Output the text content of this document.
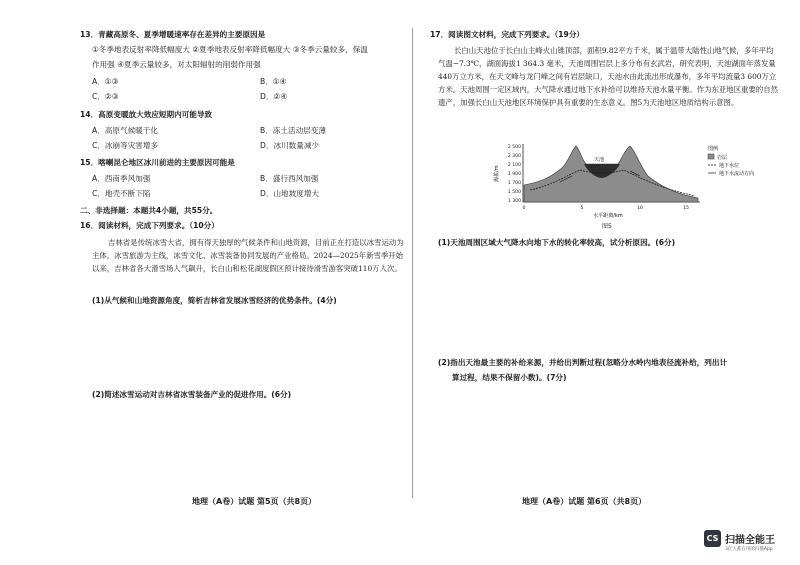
13．青藏高原冬、夏季增暖速率存在差异的主要原因是
①冬季地表反射率降低幅度大 ②夏季地表反射率降低幅度大 ③冬季云量较多，保温
作用强 ④夏季云量较多，对太阳辐射的削弱作用强
A．①③	B．①④
C．②③	D．②④
14．高原变暖放大效应短期内可能导致
A．高原气候暖干化	B．冻土活动层变薄
C．冰崩等灾害增多	D．冰川数量减少
15．喀喇昆仑地区冰川前进的主要原因可能是
A．西南季风加强	B．盛行西风加强
C．地壳不断下陷	D．山地坡度增大
二、非选择题：本题共4小题，共55分。
16．阅读材料，完成下列要求。（10分）
吉林省是传统冰雪大省，拥有得天独厚的气候条件和山地资源，目前正在打造以冰雪运动为主体，冰雪旅游为主线，冰雪文化、冰雪装备协同发展的产业格局。2024—2025年新雪季开始以来，吉林省各大滑雪场人气飙升，长白山和松花湖度假区预计接待滑雪游客突破110万人次。
(1)从气候和山地资源角度，简析吉林省发展冰雪经济的优势条件。(4分)
(2)简述冰雪运动对吉林省冰雪装备产业的促进作用。(6分)
地理（A卷）试题 第5页（共8页）
17．阅读图文材料，完成下列要求。（19分）
长白山天池位于长白山主峰火山锥顶部，面积9.82平方千米，属于温带大陆性山地气候，多年平均气温−7.3℃，湖面海拔1 364.3 毫米，天池周围岩层上多分布有玄武岩，研究表明，天池湖面年蒸发量440万立方米，在天文峰与龙门峰之间有岩层缺口，天池水由此流出形成瀑布，多年平均流量3 600万立方米。天池周围一定区域内，大气降水通过地下水补给可以维持天池水量平衡。作为东亚地区重要的自然遗产，加强长白山天池地区环境保护具有重要的生态意义。图5为天池地区地质结构示意图。
海拔/m
2 500
2 300
2 100
1 900
1 700
1 500
1 300
天池
0	5	10	15
水平距离/km
图例
岩层
地下水位
地下水流动方向
图5
(1)天池周围区域大气降水向地下水的转化率较高，试分析原因。(6分)
(2)指出天池最主要的补给来源，并给出判断过程(忽略分水岭内地表径流补给，列出计
算过程，结果不保留小数)。(7分)
地理（A卷）试题 第6页（共8页）
CS 扫描全能王
3亿人都在用的扫描App
